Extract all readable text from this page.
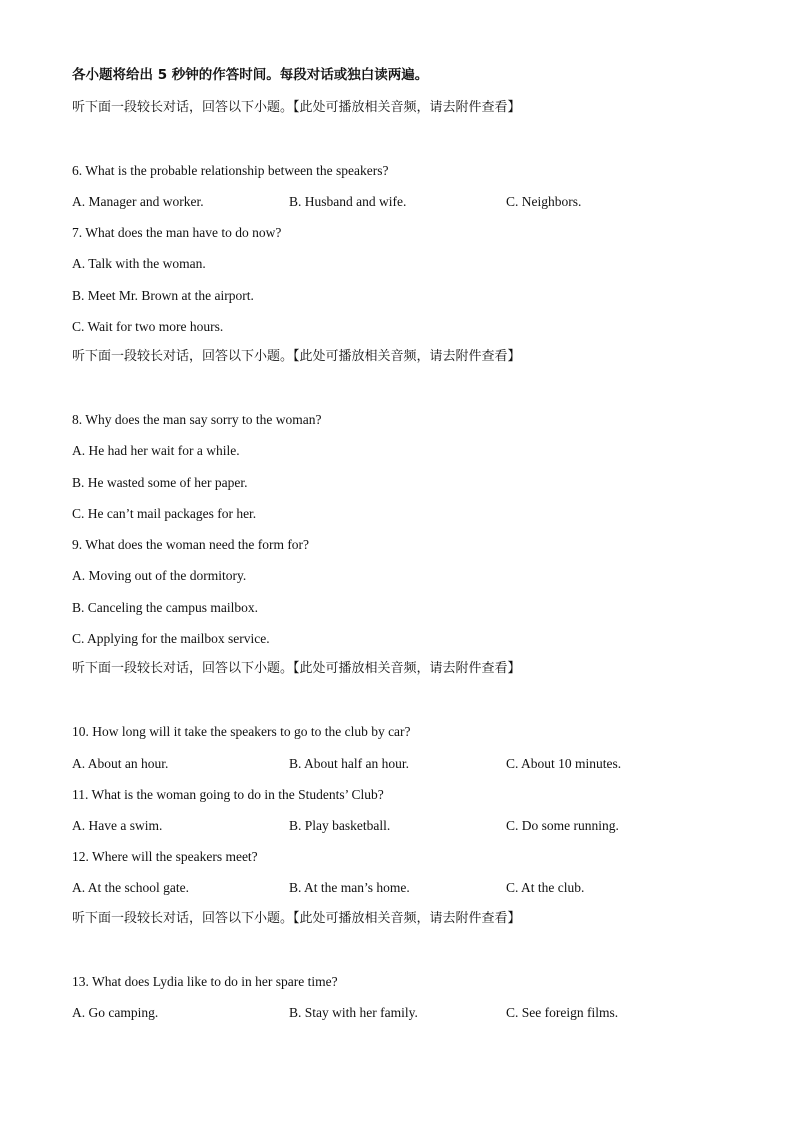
各小题将给出 5 秒钟的作答时间。每段对话或独白读两遍。
听下面一段较长对话，回答以下小题。【此处可播放相关音频，请去附件查看】
6. What is the probable relationship between the speakers?
A. Manager and worker.	B. Husband and wife.	C. Neighbors.
7. What does the man have to do now?
A. Talk with the woman.
B. Meet Mr. Brown at the airport.
C. Wait for two more hours.
听下面一段较长对话，回答以下小题。【此处可播放相关音频，请去附件查看】
8. Why does the man say sorry to the woman?
A. He had her wait for a while.
B. He wasted some of her paper.
C. He can’t mail packages for her.
9. What does the woman need the form for?
A. Moving out of the dormitory.
B. Canceling the campus mailbox.
C. Applying for the mailbox service.
听下面一段较长对话，回答以下小题。【此处可播放相关音频，请去附件查看】
10. How long will it take the speakers to go to the club by car?
A. About an hour.	B. About half an hour.	C. About 10 minutes.
11. What is the woman going to do in the Students’ Club?
A. Have a swim.	B. Play basketball.	C. Do some running.
12. Where will the speakers meet?
A. At the school gate.	B. At the man’s home.	C. At the club.
听下面一段较长对话，回答以下小题。【此处可播放相关音频，请去附件查看】
13. What does Lydia like to do in her spare time?
A. Go camping.	B. Stay with her family.	C. See foreign films.
